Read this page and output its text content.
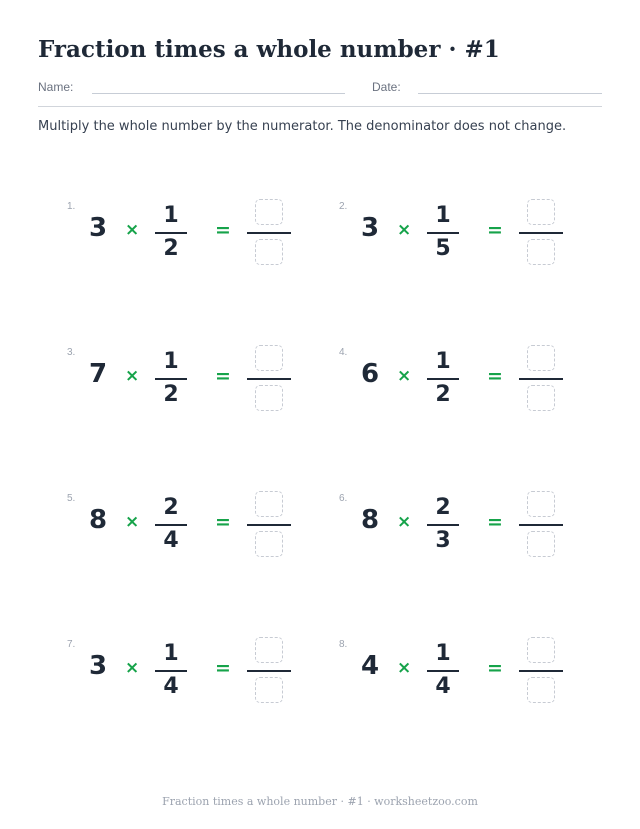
Fraction times a whole number · #1
Name:	Date:
Multiply the whole number by the numerator. The denominator does not change.
1.
3 ×
1
2
=
2.
3 ×
1
5
=
3.
7 ×
1
2
=
4.
6 ×
1
2
=
5.
8 ×
2
4
=
6.
8 ×
2
3
=
7.
3 ×
1
4
=
8.
4 ×
1
4
=
Fraction times a whole number · #1 · worksheetzoo.com
